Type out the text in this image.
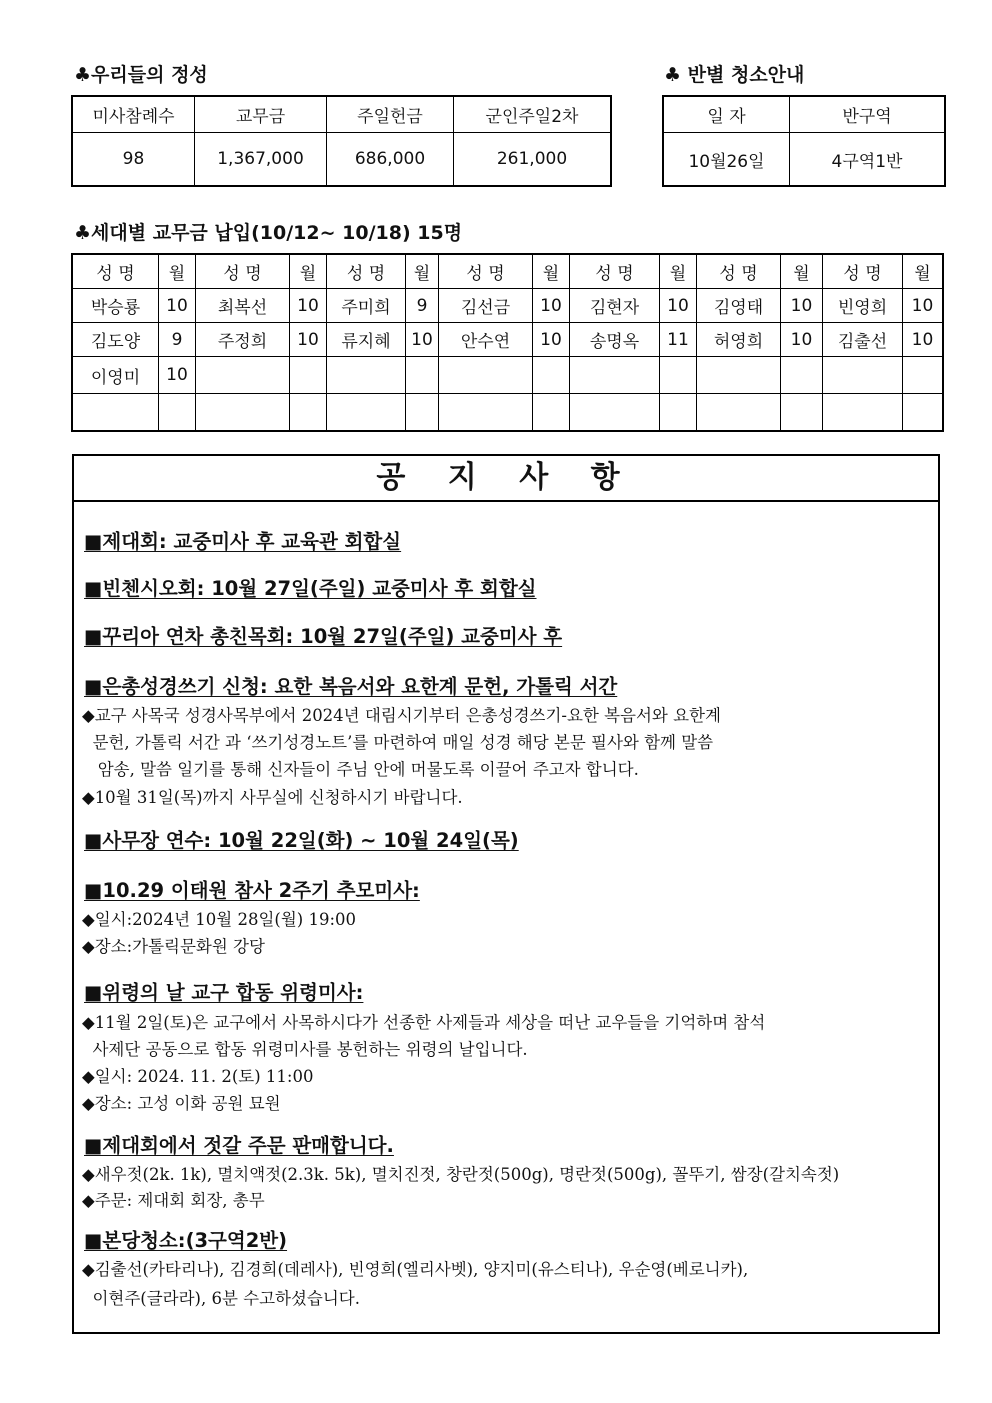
♣우리들의 정성
미사참례수	교무금	주일헌금	군인주일2차
98	1,367,000	686,000	261,000
♣ 반별 청소안내
일 자	반구역
10월26일	4구역1반
♣세대별 교무금 납입(10/12~ 10/18) 15명
성 명	월	성 명	월	성 명	월	성 명	월	성 명	월	성 명	월	성 명	월
박승룡	10	최복선	10	주미희	9	김선금	10	김현자	10	김영태	10	빈영희	10
김도양	9	주정희	10	류지혜	10	안수연	10	송명옥	11	허영희	10	김출선	10
이영미	10												

공 지 사 항
■제대회: 교중미사 후 교육관 회합실
■빈첸시오회: 10월 27일(주일) 교중미사 후 회합실
■꾸리아 연차 총친목회: 10월 27일(주일) 교중미사 후
■은총성경쓰기 신청: 요한 복음서와 요한계 문헌, 가톨릭 서간
◆교구 사목국 성경사목부에서 2024년 대림시기부터 은총성경쓰기-요한 복음서와 요한계
문헌, 가톨릭 서간 과 ‘쓰기성경노트’를 마련하여 매일 성경 해당 본문 필사와 함께 말씀
암송, 말씀 일기를 통해 신자들이 주님 안에 머물도록 이끌어 주고자 합니다.
◆10월 31일(목)까지 사무실에 신청하시기 바랍니다.
■사무장 연수: 10월 22일(화) ~ 10월 24일(목)
■10.29 이태원 참사 2주기 추모미사:
◆일시:2024년 10월 28일(월) 19:00
◆장소:가톨릭문화원 강당
■위령의 날 교구 합동 위령미사:
◆11월 2일(토)은 교구에서 사목하시다가 선종한 사제들과 세상을 떠난 교우들을 기억하며 참석
사제단 공동으로 합동 위령미사를 봉헌하는 위령의 날입니다.
◆일시: 2024. 11. 2(토) 11:00
◆장소: 고성 이화 공원 묘원
■제대회에서 젓갈 주문 판매합니다.
◆새우젓(2k. 1k), 멸치액젓(2.3k. 5k), 멸치진젓, 창란젓(500g), 명란젓(500g), 꼴뚜기, 쌈장(갈치속젓)
◆주문: 제대회 회장, 총무
■본당청소:(3구역2반)
◆김출선(카타리나), 김경희(데레사), 빈영희(엘리사벳), 양지미(유스티나), 우순영(베로니카),
이현주(글라라), 6분 수고하셨습니다.
